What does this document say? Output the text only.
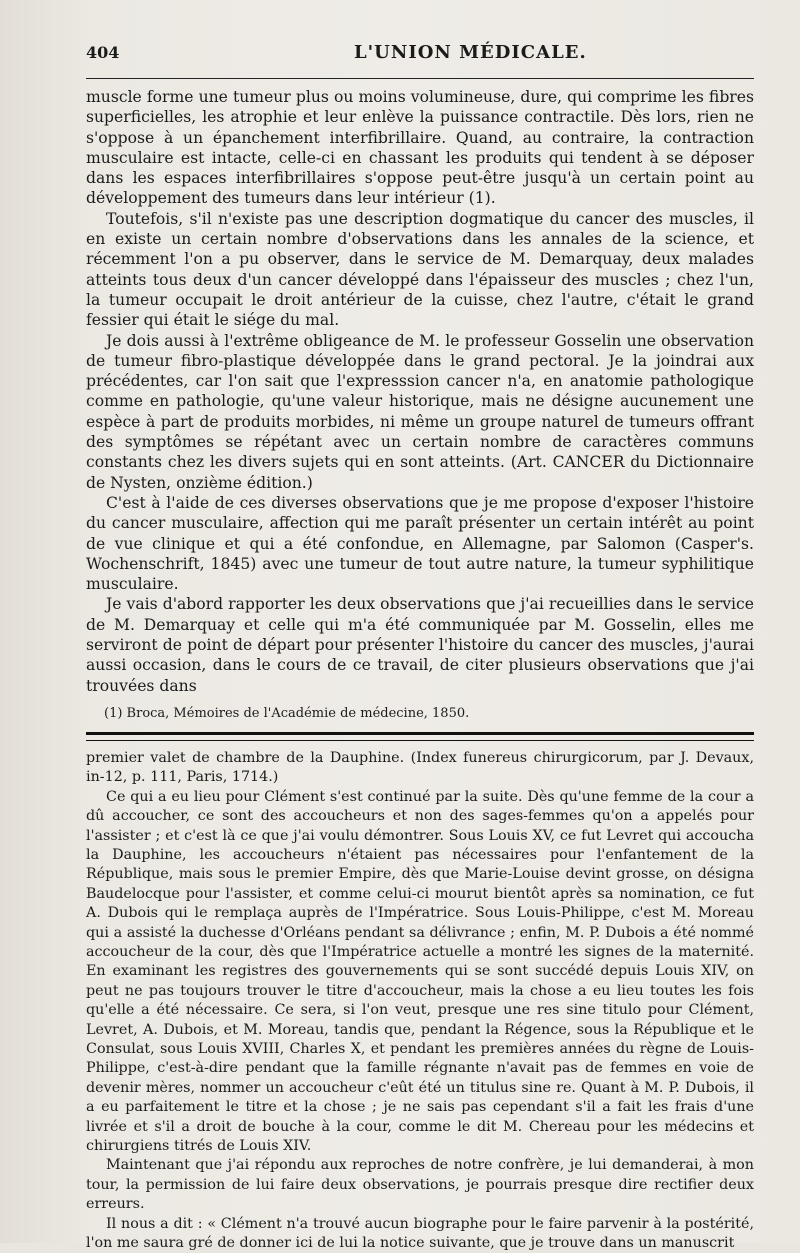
404	L'UNION MÉDICALE.

muscle forme une tumeur plus ou moins volumineuse, dure, qui comprime les fibres superficielles, les atrophie et leur enlève la puissance contractile. Dès lors, rien ne s'oppose à un épanchement interfibrillaire. Quand, au contraire, la contraction musculaire est intacte, celle-ci en chassant les produits qui tendent à se déposer dans les espaces interfibrillaires s'oppose peut-être jusqu'à un certain point au développement des tumeurs dans leur intérieur (1).

Toutefois, s'il n'existe pas une description dogmatique du cancer des muscles, il en existe un certain nombre d'observations dans les annales de la science, et récemment l'on a pu observer, dans le service de M. Demarquay, deux malades atteints tous deux d'un cancer développé dans l'épaisseur des muscles ; chez l'un, la tumeur occupait le droit antérieur de la cuisse, chez l'autre, c'était le grand fessier qui était le siége du mal.

Je dois aussi à l'extrême obligeance de M. le professeur Gosselin une observation de tumeur fibro-plastique développée dans le grand pectoral. Je la joindrai aux précédentes, car l'on sait que l'expresssion cancer n'a, en anatomie pathologique comme en pathologie, qu'une valeur historique, mais ne désigne aucunement une espèce à part de produits morbides, ni même un groupe naturel de tumeurs offrant des symptômes se répétant avec un certain nombre de caractères communs constants chez les divers sujets qui en sont atteints. (Art. CANCER du Dictionnaire de Nysten, onzième édition.)

C'est à l'aide de ces diverses observations que je me propose d'exposer l'histoire du cancer musculaire, affection qui me paraît présenter un certain intérêt au point de vue clinique et qui a été confondue, en Allemagne, par Salomon (Casper's. Wochenschrift, 1845) avec une tumeur de tout autre nature, la tumeur syphilitique musculaire.

Je vais d'abord rapporter les deux observations que j'ai recueillies dans le service de M. Demarquay et celle qui m'a été communiquée par M. Gosselin, elles me serviront de point de départ pour présenter l'histoire du cancer des muscles, j'aurai aussi occasion, dans le cours de ce travail, de citer plusieurs observations que j'ai trouvées dans

(1) Broca, Mémoires de l'Académie de médecine, 1850.

premier valet de chambre de la Dauphine. (Index funereus chirurgicorum, par J. Devaux, in-12, p. 111, Paris, 1714.)

Ce qui a eu lieu pour Clément s'est continué par la suite. Dès qu'une femme de la cour a dû accoucher, ce sont des accoucheurs et non des sages-femmes qu'on a appelés pour l'assister ; et c'est là ce que j'ai voulu démontrer. Sous Louis XV, ce fut Levret qui accoucha la Dauphine, les accoucheurs n'étaient pas nécessaires pour l'enfantement de la République, mais sous le premier Empire, dès que Marie-Louise devint grosse, on désigna Baudelocque pour l'assister, et comme celui-ci mourut bientôt après sa nomination, ce fut A. Dubois qui le remplaça auprès de l'Impératrice. Sous Louis-Philippe, c'est M. Moreau qui a assisté la duchesse d'Orléans pendant sa délivrance ; enfin, M. P. Dubois a été nommé accoucheur de la cour, dès que l'Impératrice actuelle a montré les signes de la maternité. En examinant les registres des gouvernements qui se sont succédé depuis Louis XIV, on peut ne pas toujours trouver le titre d'accoucheur, mais la chose a eu lieu toutes les fois qu'elle a été nécessaire. Ce sera, si l'on veut, presque une res sine titulo pour Clément, Levret, A. Dubois, et M. Moreau, tandis que, pendant la Régence, sous la République et le Consulat, sous Louis XVIII, Charles X, et pendant les premières années du règne de Louis-Philippe, c'est-à-dire pendant que la famille régnante n'avait pas de femmes en voie de devenir mères, nommer un accoucheur c'eût été un titulus sine re. Quant à M. P. Dubois, il a eu parfaitement le titre et la chose ; je ne sais pas cependant s'il a fait les frais d'une livrée et s'il a droit de bouche à la cour, comme le dit M. Chereau pour les médecins et chirurgiens titrés de Louis XIV.

Maintenant que j'ai répondu aux reproches de notre confrère, je lui demanderai, à mon tour, la permission de lui faire deux observations, je pourrais presque dire rectifier deux erreurs.

Il nous a dit : « Clément n'a trouvé aucun biographe pour le faire parvenir à la postérité, l'on me saura gré de donner ici de lui la notice suivante, que je trouve dans un manuscrit
